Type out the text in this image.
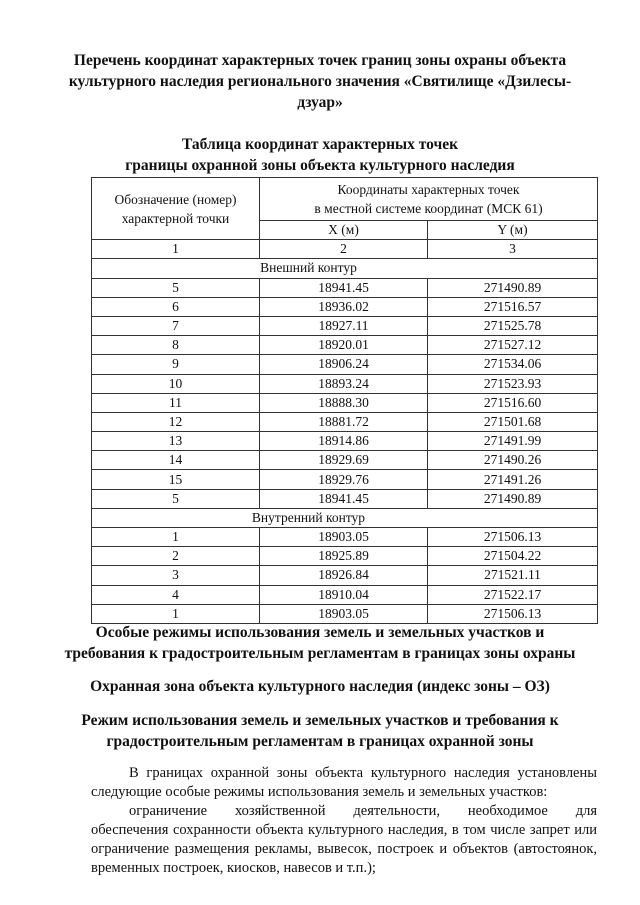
Перечень координат характерных точек границ зоны охраны объекта культурного наследия регионального значения «Святилище «Дзилесы-дзуар»
Таблица координат характерных точек
границы охранной зоны объекта культурного наследия
Обозначение (номер) характерной точки	Координаты характерных точек
в местной системе координат (МСК 61)	

	X (м)	Y (м)
1	2	3
Внешний контур		
5	18941.45	271490.89
6	18936.02	271516.57
7	18927.11	271525.78
8	18920.01	271527.12
9	18906.24	271534.06
10	18893.24	271523.93
11	18888.30	271516.60
12	18881.72	271501.68
13	18914.86	271491.99
14	18929.69	271490.26
15	18929.76	271491.26
5	18941.45	271490.89
Внутренний контур		
1	18903.05	271506.13
2	18925.89	271504.22
3	18926.84	271521.11
4	18910.04	271522.17
1	18903.05	271506.13
Особые режимы использования земель и земельных участков и требования к градостроительным регламентам в границах зоны охраны
Охранная зона объекта культурного наследия (индекс зоны – ОЗ)
Режим использования земель и земельных участков и требования к градостроительным регламентам в границах охранной зоны

В границах охранной зоны объекта культурного наследия установлены следующие особые режимы использования земель и земельных участков:

ограничение хозяйственной деятельности, необходимое для

обеспечения сохранности объекта культурного наследия, в том числе запрет или ограничение размещения рекламы, вывесок, построек и объектов (автостоянок, временных построек, киосков, навесов и т.п.);
